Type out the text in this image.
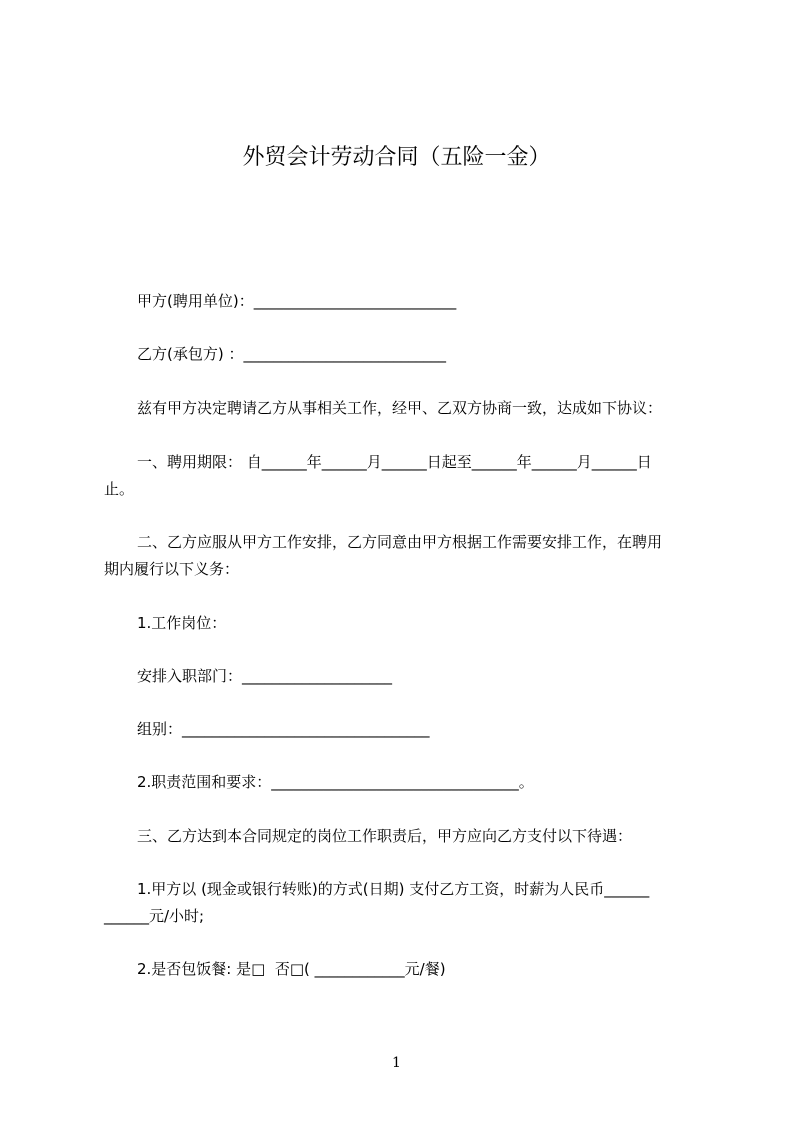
外贸会计劳动合同（五险一金）
甲方(聘用单位)：___________________________
乙方(承包方) ：___________________________
兹有甲方决定聘请乙方从事相关工作，经甲、乙双方协商一致，达成如下协议：
一、聘用期限： 自______年______月______日起至______年______月______日
止。
二、乙方应服从甲方工作安排，乙方同意由甲方根据工作需要安排工作，在聘用
期内履行以下义务：
1.工作岗位：
安排入职部门：____________________
组别：_________________________________
2.职责范围和要求：_________________________________。
三、乙方达到本合同规定的岗位工作职责后，甲方应向乙方支付以下待遇：
1.甲方以 (现金或银行转账)的方式(日期) 支付乙方工资，时薪为人民币______
______元/小时;
2.是否包饭餐: 是□  否□( ____________元/餐)
1
